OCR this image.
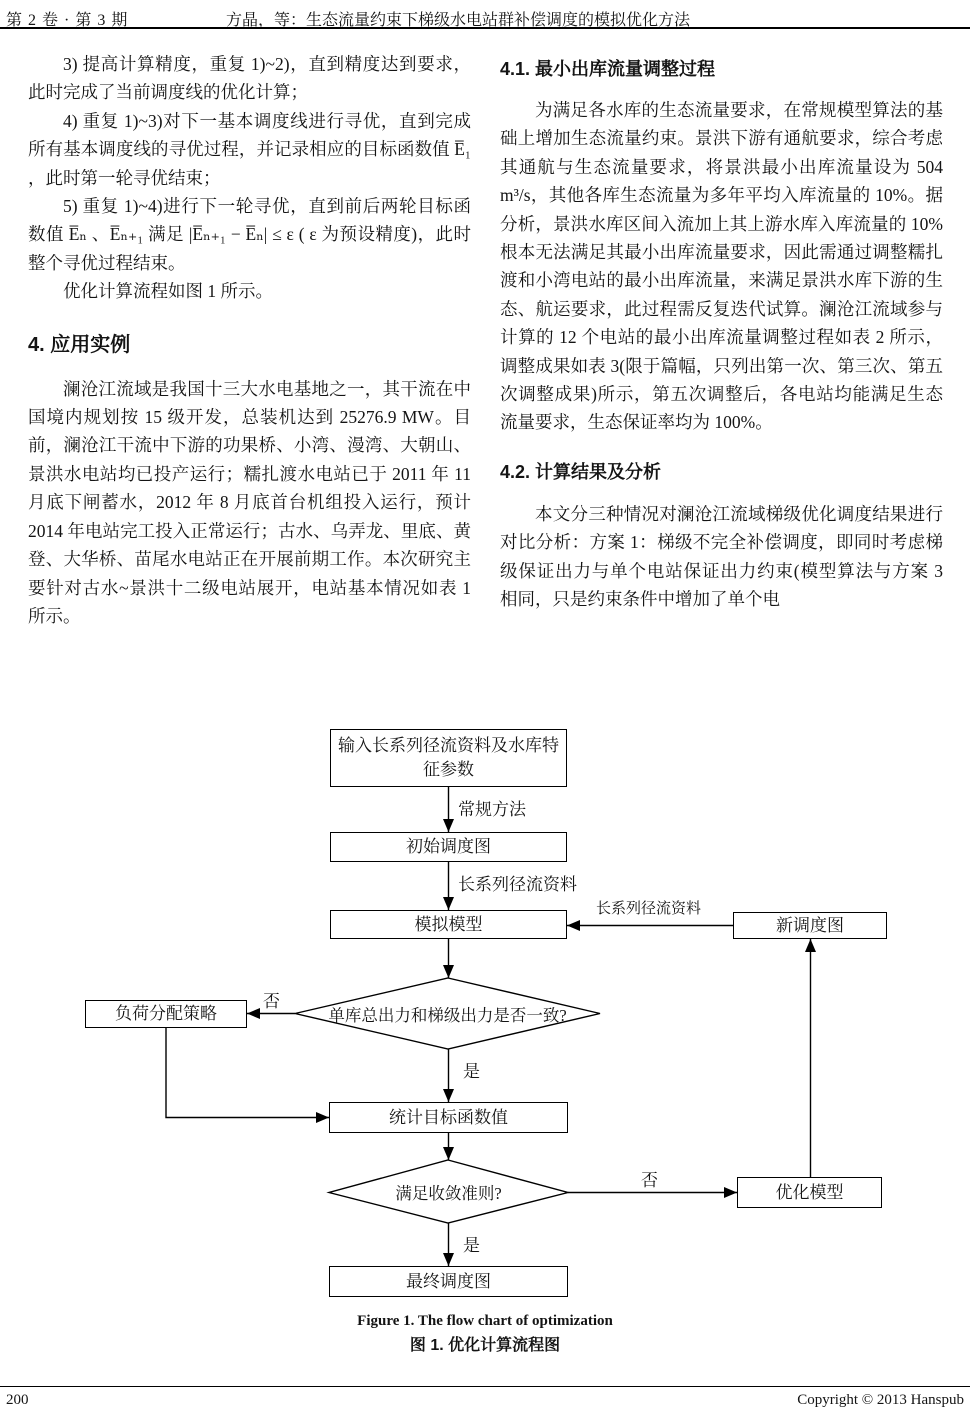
第 2 卷 · 第 3 期	方晶，等：生态流量约束下梯级水电站群补偿调度的模拟优化方法

3) 提高计算精度，重复 1)~2)，直到精度达到要求，此时完成了当前调度线的优化计算；

4) 重复 1)~3)对下一基本调度线进行寻优，直到完成所有基本调度线的寻优过程，并记录相应的目标函数值 E̅₁ ，此时第一轮寻优结束；

5) 重复 1)~4)进行下一轮寻优，直到前后两轮目标函数值 E̅ₙ 、E̅ₙ₊₁ 满足 |E̅ₙ₊₁ − E̅ₙ| ≤ ε ( ε 为预设精度)，此时整个寻优过程结束。

优化计算流程如图 1 所示。

4. 应用实例

澜沧江流域是我国十三大水电基地之一，其干流在中国境内规划按 15 级开发，总装机达到 25276.9 MW。目前，澜沧江干流中下游的功果桥、小湾、漫湾、大朝山、景洪水电站均已投产运行；糯扎渡水电站已于 2011 年 11 月底下闸蓄水，2012 年 8 月底首台机组投入运行，预计 2014 年电站完工投入正常运行；古水、乌弄龙、里底、黄登、大华桥、苗尾水电站正在开展前期工作。本次研究主要针对古水~景洪十二级电站展开，电站基本情况如表 1 所示。

4.1. 最小出库流量调整过程

为满足各水库的生态流量要求，在常规模型算法的基础上增加生态流量约束。景洪下游有通航要求，综合考虑其通航与生态流量要求，将景洪最小出库流量设为 504 m³/s，其他各库生态流量为多年平均入库流量的 10%。据分析，景洪水库区间入流加上其上游水库入库流量的 10%根本无法满足其最小出库流量要求，因此需通过调整糯扎渡和小湾电站的最小出库流量，来满足景洪水库下游的生态、航运要求，此过程需反复迭代试算。澜沧江流域参与计算的 12 个电站的最小出库流量调整过程如表 2 所示，调整成果如表 3(限于篇幅，只列出第一次、第三次、第五次调整成果)所示，第五次调整后，各电站均能满足生态流量要求，生态保证率均为 100%。

4.2. 计算结果及分析

本文分三种情况对澜沧江流域梯级优化调度结果进行对比分析：方案 1：梯级不完全补偿调度，即同时考虑梯级保证出力与单个电站保证出力约束(模型算法与方案 3 相同，只是约束条件中增加了单个电

输入长系列径流资料及水库特征参数
初始调度图
模拟模型	新调度图
负荷分配策略
统计目标函数值
优化模型
最终调度图
单库总出力和梯级出力是否一致?
满足收敛准则?
常规方法
长系列径流资料
长系列径流资料
否
是
否
是
Figure 1. The flow chart of optimization
图 1. 优化计算流程图
200	Copyright © 2013 Hanspub
